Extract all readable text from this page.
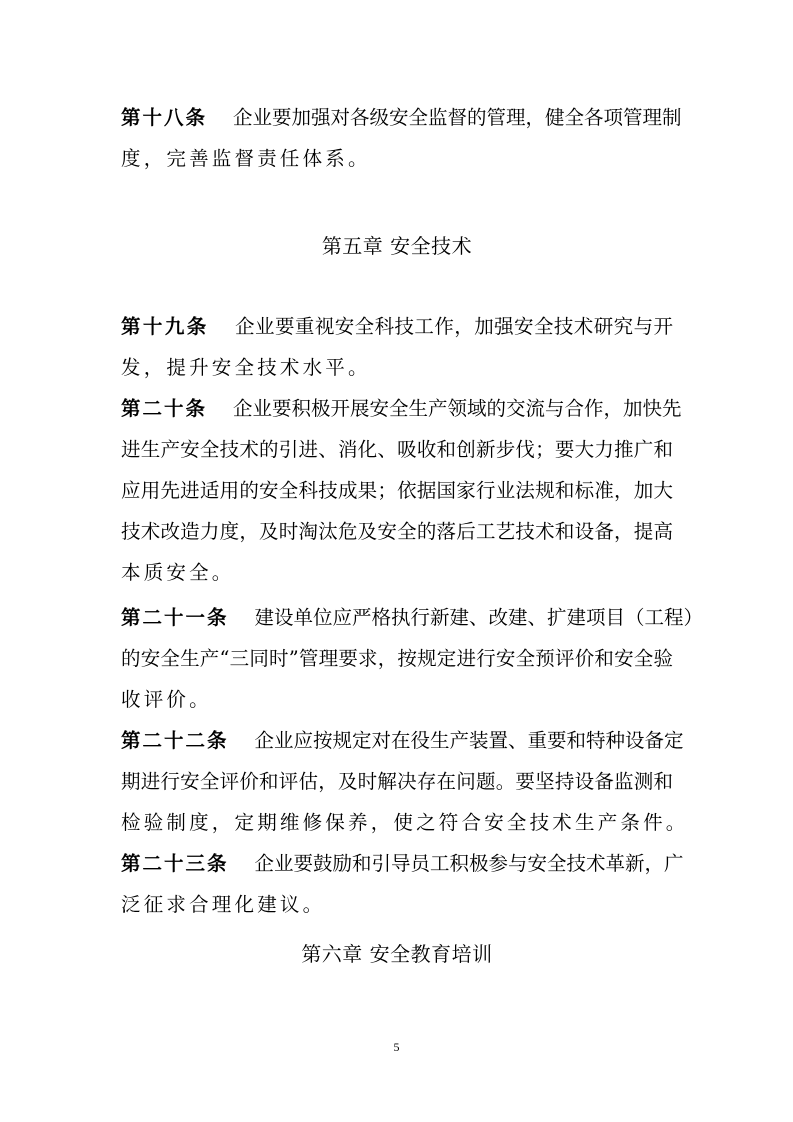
第十八条 企业要加强对各级安全监督的管理，健全各项管理制
度，完善监督责任体系。
第五章 安全技术
第十九条 企业要重视安全科技工作，加强安全技术研究与开
发，提升安全技术水平。
第二十条 企业要积极开展安全生产领域的交流与合作，加快先
进生产安全技术的引进、消化、吸收和创新步伐；要大力推广和
应用先进适用的安全科技成果；依据国家行业法规和标准，加大
技术改造力度，及时淘汰危及安全的落后工艺技术和设备，提高
本质安全。
第二十一条 建设单位应严格执行新建、改建、扩建项目（工程）
的安全生产“三同时”管理要求，按规定进行安全预评价和安全验
收评价。
第二十二条 企业应按规定对在役生产装置、重要和特种设备定
期进行安全评价和评估，及时解决存在问题。要坚持设备监测和
检验制度，定期维修保养，使之符合安全技术生产条件。
第二十三条 企业要鼓励和引导员工积极参与安全技术革新，广
泛征求合理化建议。
第六章 安全教育培训
5
